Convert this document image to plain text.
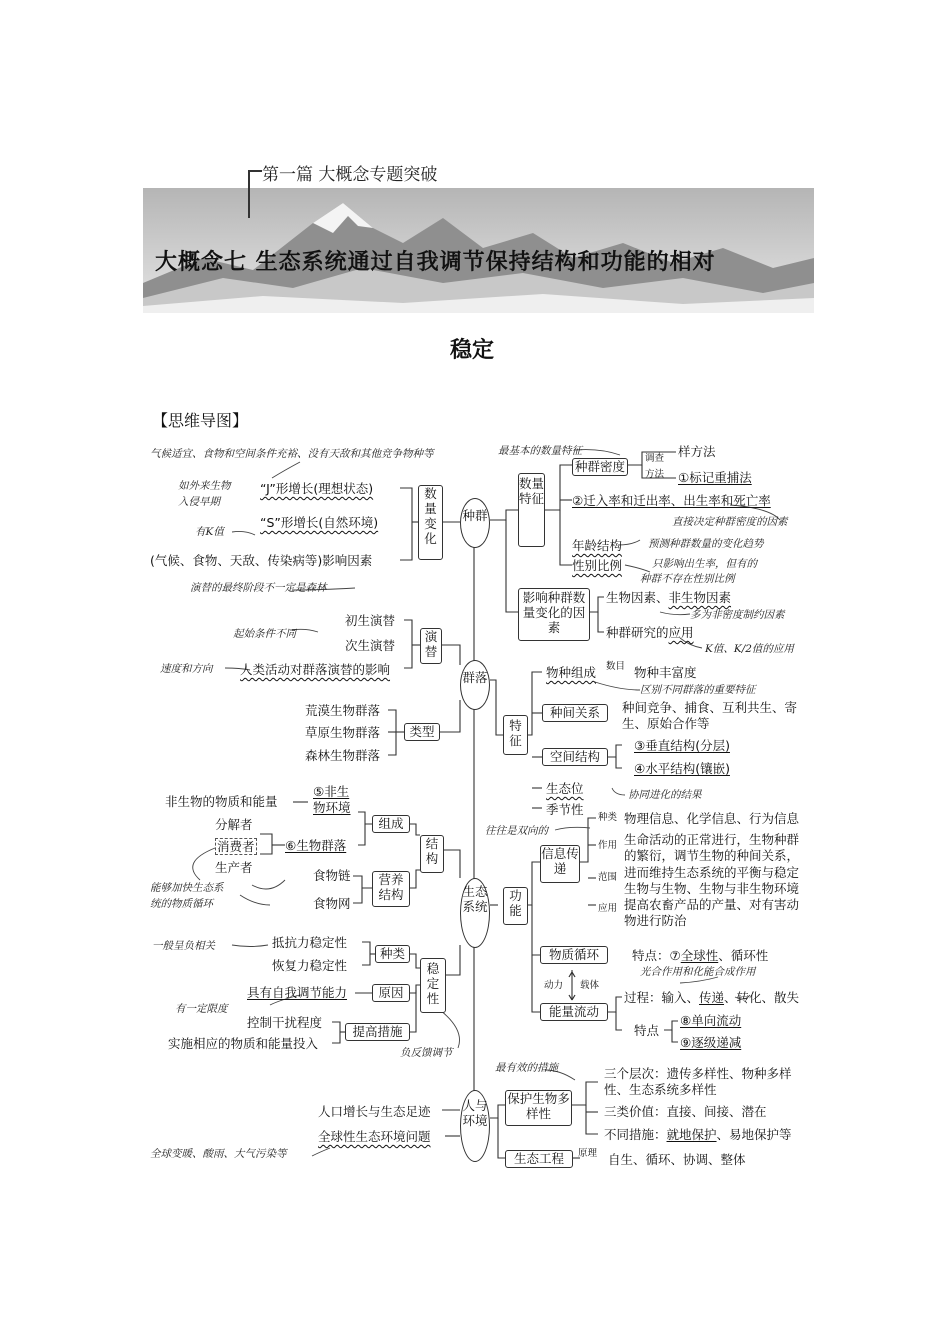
第一篇 大概念专题突破
大概念七 生态系统通过自我调节保持结构和功能的相对
稳定
【思维导图】
气候适宜、食物和空间条件充裕、没有天敌和其他竞争物种等
如外来生物
入侵早期
“J”形增长(理想状态)
“S”形增长(自然环境)
有K值
(气候、食物、天敌、传染病等)影响因素
数量变化
种群
数量特征
最基本的数量特征
种群密度
调查
方法
样方法
①标记重捕法
②迁入率和迁出率、出生率和死亡率
直接决定种群密度的因素
年龄结构 预测种群数量的变化趋势
性别比例	只影响出生率，但有的
种群不存在性别比例
影响种群数量变化的因素
生物因素、非生物因素
多为非密度制约因素
种群研究的应用
K值、K/2值的应用
演替的最终阶段不一定是森林
初生演替
起始条件不同
次生演替
演替
速度和方向 人类活动对群落演替的影响
群落
荒漠生物群落
草原生物群落
森林生物群落
类型	特征
物种组成 数目 物种丰富度
区别不同群落的重要特征
种间关系	种间竞争、捕食、互利共生、寄
生、原始合作等
空间结构
③垂直结构(分层)
④水平结构(镶嵌)
生态位	协同进化的结果
季节性
非生物的物质和能量
⑤非生
物环境
组成
分解者
消费者
生产者
⑥生物群落	结构
食物链
食物网
营养结构
能够加快生态系
统的物质循环
生态系统
往往是双向的
信息传递
种类 物理信息、化学信息、行为信息
作用 生命活动的正常进行，生物种群
的繁衍，调节生物的种间关系，
范围 进而维持生态系统的平衡与稳定
生物与生物、生物与非生物环境
应用 提高农畜产品的产量、对有害动
物进行防治
功能
一般呈负相关	抵抗力稳定性
恢复力稳定性
种类
稳定性
物质循环	特点：⑦全球性、循环性
光合作用和化能合成作用
动力 载体
具有自我调节能力	原因
有一定限度
控制干扰程度
提高措施
实施相应的物质和能量投入
能量流动
过程：输入、传递、转化、散失
特点
⑧单向流动
⑨逐级递减
负反馈调节
最有效的措施	三个层次：遗传多样性、物种多样
性、生态系统多样性
保护生物多样性	三类价值：直接、间接、潜在
人口增长与生态足迹	人与环境
全球性生态环境问题	不同措施：就地保护、易地保护等
全球变暖、酸雨、大气污染等	生态工程	原理 自生、循环、协调、整体
